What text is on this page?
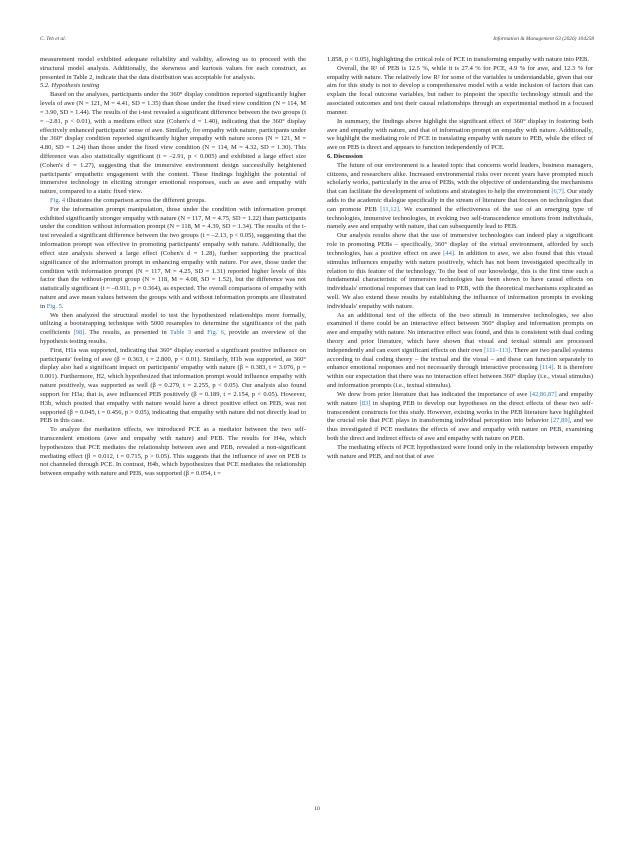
C. Teh et al.	Information & Management 63 (2026) 104258

measurement model exhibited adequate reliability and validity, allowing us to proceed with the structural model analysis. Additionally, the skewness and kurtosis values for each construct, as presented in Table 2, indicate that the data distribution was acceptable for analysis.

5.2. Hypothesis testing

Based on the analyses, participants under the 360° display condition reported significantly higher levels of awe (N = 121, M = 4.41, SD = 1.35) than those under the fixed view condition (N = 114, M = 3.90, SD = 1.44). The results of the t-test revealed a significant difference between the two groups (t = –2.81, p < 0.01), with a medium effect size (Cohen's d = 1.40), indicating that the 360° display effectively enhanced participants' sense of awe. Similarly, for empathy with nature, participants under the 360° display condition reported significantly higher empathy with nature scores (N = 121, M = 4.80, SD = 1.24) than those under the fixed view condition (N = 114, M = 4.32, SD = 1.30). This difference was also statistically significant (t = –2.91, p < 0.005) and exhibited a large effect size (Cohen's d = 1.27), suggesting that the immersive environment design successfully heightened participants' empathetic engagement with the content. These findings highlight the potential of immersive technology in eliciting stronger emotional responses, such as awe and empathy with nature, compared to a static fixed view.

Fig. 4 illustrates the comparison across the different groups.

For the information prompt manipulation, those under the condition with information prompt exhibited significantly stronger empathy with nature (N = 117, M = 4.75, SD = 1.22) than participants under the condition without information prompt (N = 118, M = 4.39, SD = 1.34). The results of the t-test revealed a significant difference between the two groups (t = –2.13, p < 0.05), suggesting that the information prompt was effective in promoting participants' empathy with nature. Additionally, the effect size analysis showed a large effect (Cohen's d = 1.28), further supporting the practical significance of the information prompt in enhancing empathy with nature. For awe, those under the condition with information prompt (N = 117, M = 4.25, SD = 1.31) reported higher levels of this factor than the without-prompt group (N = 118, M = 4.08, SD = 1.52), but the difference was not statistically significant (t = –0.911, p = 0.364), as expected. The overall comparisons of empathy with nature and awe mean values between the groups with and without information prompts are illustrated in Fig. 5.

We then analyzed the structural model to test the hypothesized relationships more formally, utilizing a bootstrapping technique with 5000 resamples to determine the significance of the path coefficients [98]. The results, as presented in Table 3 and Fig. 6, provide an overview of the hypothesis testing results.

First, H1a was supported, indicating that 360° display exerted a significant positive influence on participants' feeling of awe (β = 0.363, t = 2.800, p < 0.01). Similarly, H1b was supported, as 360° display also had a significant impact on participants' empathy with nature (β = 0.383, t = 3.076, p = 0.001). Furthermore, H2, which hypothesized that information prompt would influence empathy with nature positively, was supported as well (β = 0.279, t = 2.255, p < 0.05). Our analysis also found support for H3a; that is, awe influenced PEB positively (β = 0.189, t = 2.154, p < 0.05). However, H3b, which posited that empathy with nature would have a direct positive effect on PEB, was not supported (β = 0.045, t = 0.456, p > 0.05), indicating that empathy with nature did not directly lead to PEB in this case.

To analyze the mediation effects, we introduced PCE as a mediator between the two self-transcendent emotions (awe and empathy with nature) and PEB. The results for H4a, which hypothesizes that PCE mediates the relationship between awe and PEB, revealed a non-significant mediating effect (β = 0.012, t = 0.715, p > 0.05). This suggests that the influence of awe on PEB is not channeled through PCE. In contrast, H4b, which hypothesizes that PCE mediates the relationship between empathy with nature and PEB, was supported (β = 0.054, t =

1.858, p < 0.05), highlighting the critical role of PCE in transforming empathy with nature into PEB.

Overall, the R² of PEB is 12.5 %, while it is 27.4 % for PCE, 4.9 % for awe, and 12.3 % for empathy with nature. The relatively low R² for some of the variables is understandable, given that our aim for this study is not to develop a comprehensive model with a wide inclusion of factors that can explain the focal outcome variables, but rather to pinpoint the specific technology stimuli and the associated outcomes and test their causal relationships through an experimental method in a focused manner.

In summary, the findings above highlight the significant effect of 360° display in fostering both awe and empathy with nature, and that of information prompt on empathy with nature. Additionally, we highlight the mediating role of PCE in translating empathy with nature to PEB, while the effect of awe on PEB is direct and appears to function independently of PCE.

6. Discussion

The future of our environment is a heated topic that concerns world leaders, business managers, citizens, and researchers alike. Increased environmental risks over recent years have prompted much scholarly works, particularly in the area of PEBs, with the objective of understanding the mechanisms that can facilitate the development of solutions and strategies to help the environment [6,7]. Our study adds to the academic dialogue specifically in the stream of literature that focuses on technologies that can promote PEB [11,12]. We examined the effectiveness of the use of an emerging type of technologies, immersive technologies, in evoking two self-transcendence emotions from individuals, namely awe and empathy with nature, that can subsequently lead to PEB.

Our analysis results show that the use of immersive technologies can indeed play a significant role in promoting PEBs – specifically, 360° display of the virtual environment, afforded by such technologies, has a positive effect on awe [44]. In addition to awe, we also found that this visual stimulus influences empathy with nature positively, which has not been investigated specifically in relation to this feature of the technology. To the best of our knowledge, this is the first time such a fundamental characteristic of immersive technologies has been shown to have causal effects on individuals' emotional responses that can lead to PEB, with the theoretical mechanisms explicated as well. We also extend these results by establishing the influence of information prompts in evoking individuals' empathy with nature.

As an additional test of the effects of the two stimuli in immersive technologies, we also examined if there could be an interactive effect between 360° display and information prompts on awe and empathy with nature. No interactive effect was found, and this is consistent with dual coding theory and prior literature, which have shown that visual and textual stimuli are processed independently and can exert significant effects on their own [111–113]. There are two parallel systems according to dual coding theory – the textual and the visual – and these can function separately to enhance emotional responses and not necessarily through interactive processing [114]. It is therefore within our expectation that there was no interaction effect between 360° display (i.e., visual stimulus) and information prompts (i.e., textual stimulus).

We drew from prior literature that has indicated the importance of awe [42,86,87] and empathy with nature [83] in shaping PEB to develop our hypotheses on the direct effects of these two self-transcendent constructs for this study. However, existing works in the PEB literature have highlighted the crucial role that PCE plays in transforming individual perception into behavior [27,89], and we thus investigated if PCE mediates the effects of awe and empathy with nature on PEB, examining both the direct and indirect effects of awe and empathy with nature on PEB.

The mediating effects of PCE hypothesized were found only in the relationship between empathy with nature and PEB, and not that of awe

10
